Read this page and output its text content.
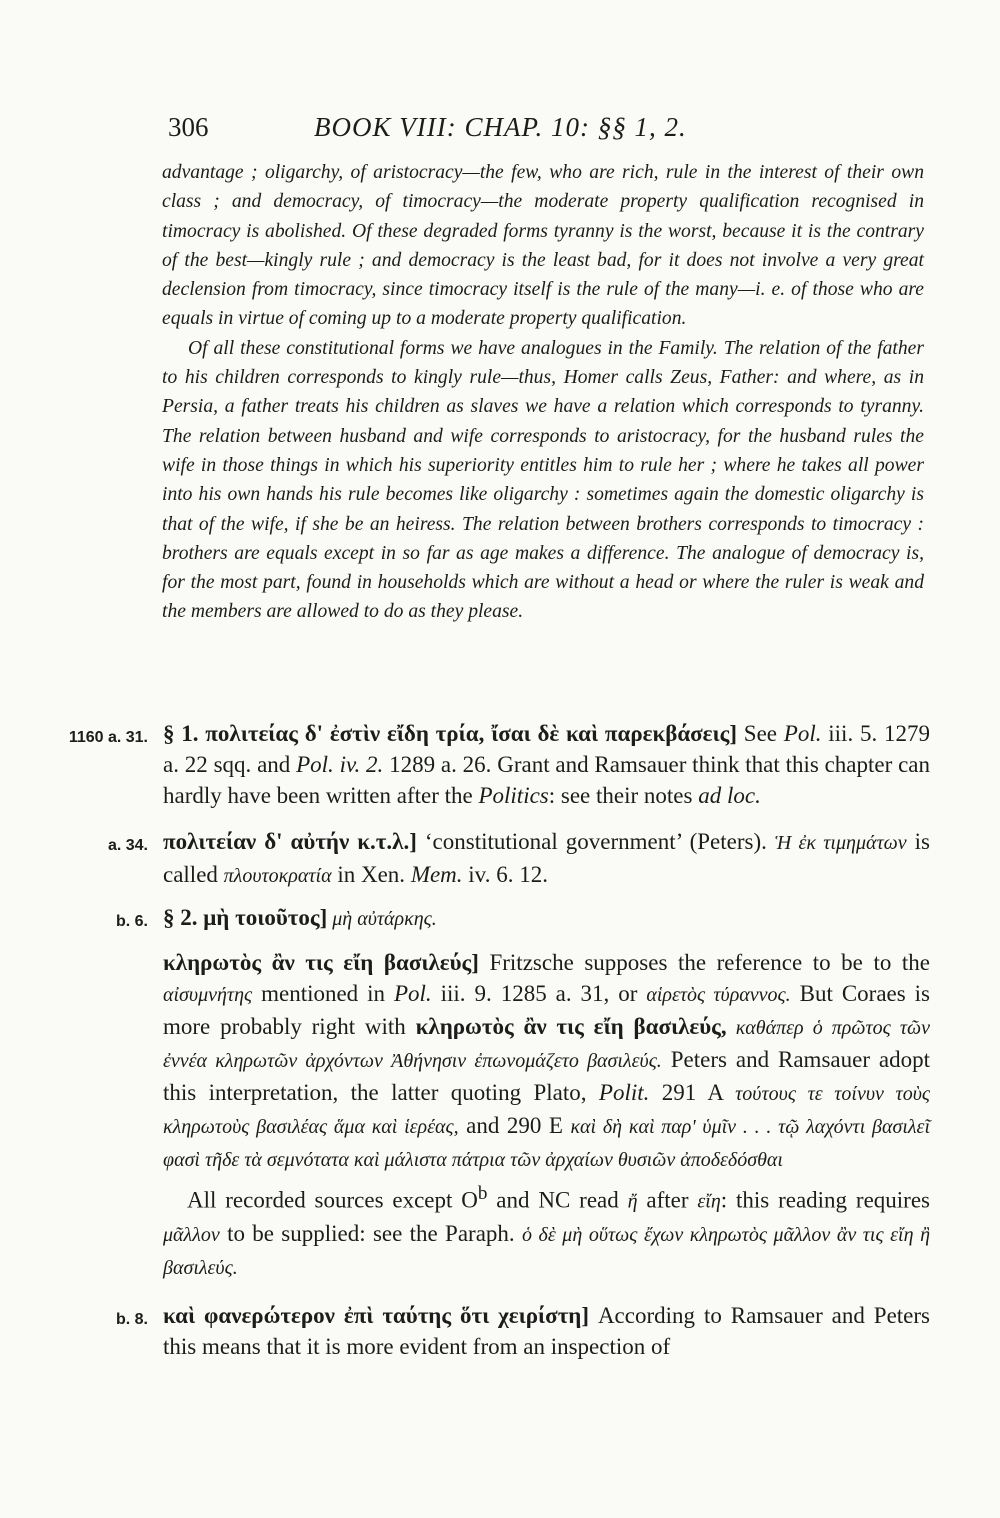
306	BOOK VIII: CHAP. 10: §§ 1, 2.

advantage ; oligarchy, of aristocracy—the few, who are rich, rule in the interest of their own class ; and democracy, of timocracy—the moderate property qualification recognised in timocracy is abolished. Of these degraded forms tyranny is the worst, because it is the contrary of the best—kingly rule ; and democracy is the least bad, for it does not involve a very great declension from timocracy, since timocracy itself is the rule of the many—i. e. of those who are equals in virtue of coming up to a moderate property qualification.

Of all these constitutional forms we have analogues in the Family. The relation of the father to his children corresponds to kingly rule—thus, Homer calls Zeus, Father: and where, as in Persia, a father treats his children as slaves we have a relation which corresponds to tyranny. The relation between husband and wife corresponds to aristocracy, for the husband rules the wife in those things in which his superiority entitles him to rule her ; where he takes all power into his own hands his rule becomes like oligarchy : sometimes again the domestic oligarchy is that of the wife, if she be an heiress. The relation between brothers corresponds to timocracy : brothers are equals except in so far as age makes a difference. The analogue of democracy is, for the most part, found in households which are without a head or where the ruler is weak and the members are allowed to do as they please.

1160 a. 31. § 1. πολιτείας δ' ἐστὶν εἴδη τρία, ἴσαι δὲ καὶ παρεκβάσεις] See Pol. iii. 5. 1279 a. 22 sqq. and Pol. iv. 2. 1289 a. 26. Grant and Ramsauer think that this chapter can hardly have been written after the Politics: see their notes ad loc.

a. 34. πολιτείαν δ' αὐτήν κ.τ.λ.] ‘constitutional government’ (Peters). Ἡ ἐκ τιμημάτων is called πλουτοκρατία in Xen. Mem. iv. 6. 12.

b. 6. § 2. μὴ τοιοῦτος] μὴ αὐτάρκης.

κληρωτὸς ἂν τις εἴη βασιλεύς] Fritzsche supposes the reference to be to the αἰσυμνήτης mentioned in Pol. iii. 9. 1285 a. 31, or αἱρετὸς τύραννος. But Coraes is more probably right with κληρωτὸς ἂν τις εἴη βασιλεύς, καθάπερ ὁ πρῶτος τῶν ἐννέα κληρωτῶν ἀρχόντων Ἀθήνησιν ἐπωνομάζετο βασιλεύς. Peters and Ramsauer adopt this interpretation, the latter quoting Plato, Polit. 291 A τούτους τε τοίνυν τοὺς κληρωτοὺς βασιλέας ἅμα καὶ ἱερέας, and 290 E καὶ δὴ καὶ παρ' ὑμῖν . . . τῷ λαχόντι βασιλεῖ φασὶ τῆδε τὰ σεμνότατα καὶ μάλιστα πάτρια τῶν ἀρχαίων θυσιῶν ἀποδεδόσθαι

All recorded sources except $O^b$ and NC read ἤ after εἴη: this reading requires μᾶλλον to be supplied: see the Paraph. ὁ δὲ μὴ οὕτως ἔχων κληρωτὸς μᾶλλον ἂν τις εἴη ἢ βασιλεύς.

b. 8. καὶ φανερώτερον ἐπὶ ταύτης ὅτι χειρίστη] According to Ramsauer and Peters this means that it is more evident from an inspection of
